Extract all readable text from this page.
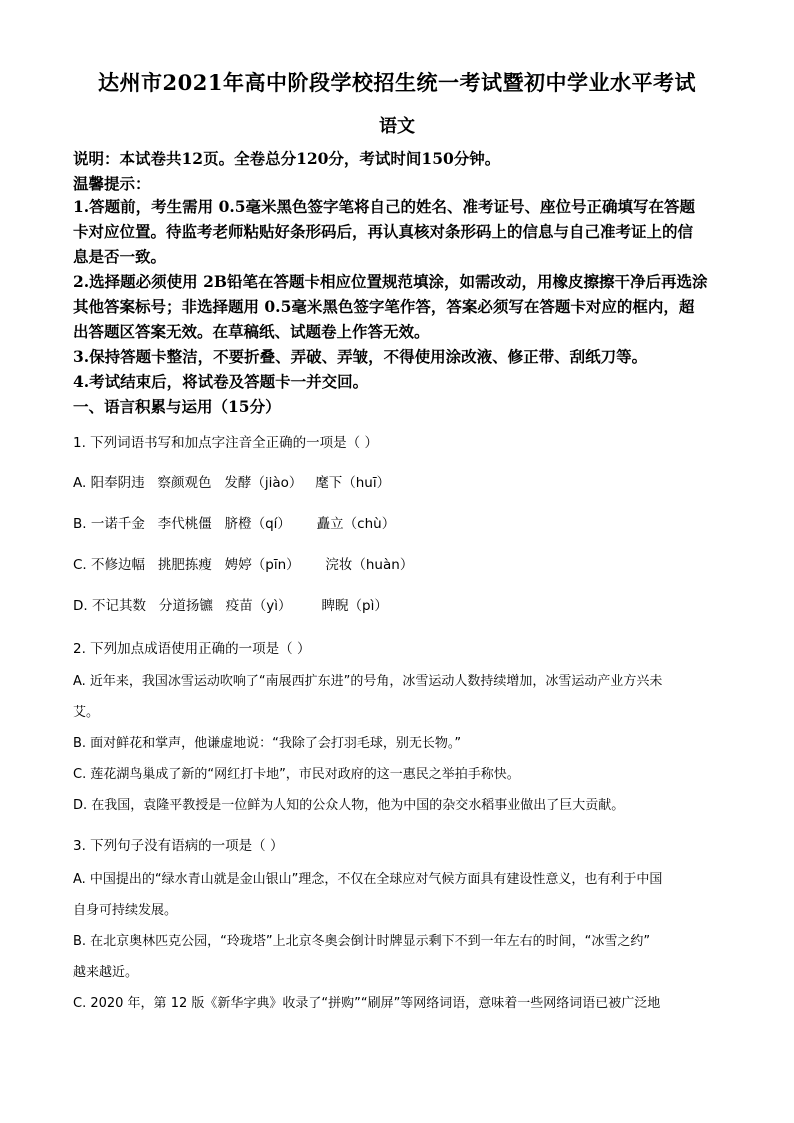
达州市2021年高中阶段学校招生统一考试暨初中学业水平考试
语文
说明：本试卷共12页。全卷总分120分，考试时间150分钟。
温馨提示：
1.答题前，考生需用 0.5毫米黑色签字笔将自己的姓名、准考证号、座位号正确填写在答题
卡对应位置。待监考老师粘贴好条形码后，再认真核对条形码上的信息与自己准考证上的信
息是否一致。
2.选择题必须使用 2B铅笔在答题卡相应位置规范填涂，如需改动，用橡皮擦擦干净后再选涂
其他答案标号；非选择题用 0.5毫米黑色签字笔作答，答案必须写在答题卡对应的框内，超
出答题区答案无效。在草稿纸、试题卷上作答无效。
3.保持答题卡整洁，不要折叠、弄破、弄皱，不得使用涂改液、修正带、刮纸刀等。
4.考试结束后，将试卷及答题卡一并交回。
一、语言积累与运用（15分）
1. 下列词语书写和加点字注音全正确的一项是（ ）
A. 阳奉阴违   察颜观色   发酵（jiào）   麾下（huī）
B. 一诺千金   李代桃僵   脐橙（qí）      矗立（chù）
C. 不修边幅   挑肥拣瘦   娉婷（pīn）      浣妆（huàn）
D. 不记其数   分道扬镳   疫苗（yì）       睥睨（pì）
2. 下列加点成语使用正确的一项是（ ）
A. 近年来，我国冰雪运动吹响了“南展西扩东进”的号角，冰雪运动人数持续增加，冰雪运动产业方兴未
艾。
B. 面对鲜花和掌声，他谦虚地说：“我除了会打羽毛球，别无长物。”
C. 莲花湖鸟巢成了新的“网红打卡地”，市民对政府的这一惠民之举拍手称快。
D. 在我国，袁隆平教授是一位鲜为人知的公众人物，他为中国的杂交水稻事业做出了巨大贡献。
3. 下列句子没有语病的一项是（ ）
A. 中国提出的“绿水青山就是金山银山”理念，不仅在全球应对气候方面具有建设性意义，也有利于中国
自身可持续发展。
B. 在北京奥林匹克公园，“玲珑塔”上北京冬奥会倒计时牌显示剩下不到一年左右的时间，“冰雪之约”
越来越近。
C. 2020 年，第 12 版《新华字典》收录了“拼购”“刷屏”等网络词语，意味着一些网络词语已被广泛地
